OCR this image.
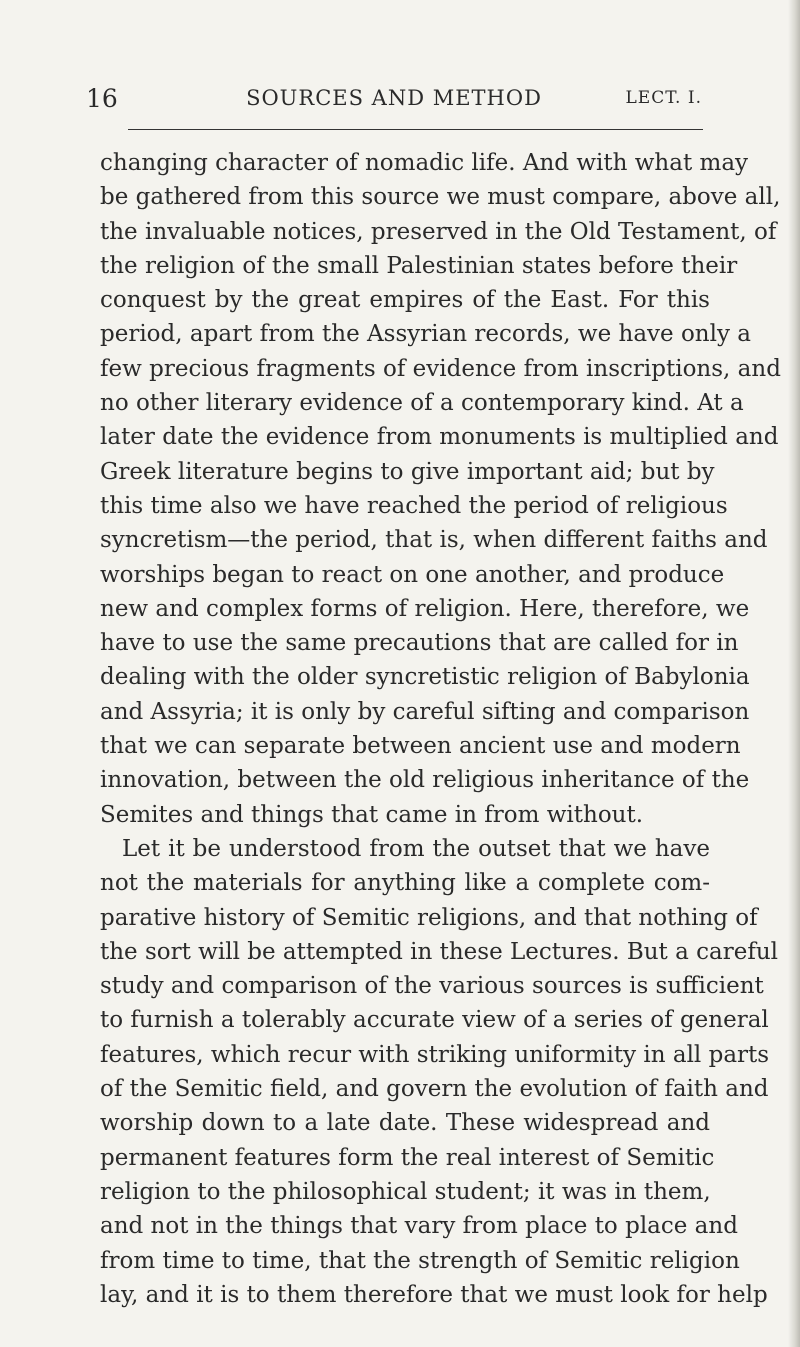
16	SOURCES AND METHOD	LECT. I.
changing character of nomadic life. And with what may
be gathered from this source we must compare, above all,
the invaluable notices, preserved in the Old Testament, of
the religion of the small Palestinian states before their
conquest by the great empires of the East. For this
period, apart from the Assyrian records, we have only a
few precious fragments of evidence from inscriptions, and
no other literary evidence of a contemporary kind. At a
later date the evidence from monuments is multiplied and
Greek literature begins to give important aid; but by
this time also we have reached the period of religious
syncretism—the period, that is, when different faiths and
worships began to react on one another, and produce
new and complex forms of religion. Here, therefore, we
have to use the same precautions that are called for in
dealing with the older syncretistic religion of Babylonia
and Assyria; it is only by careful sifting and comparison
that we can separate between ancient use and modern
innovation, between the old religious inheritance of the
Semites and things that came in from without.
Let it be understood from the outset that we have
not the materials for anything like a complete com-
parative history of Semitic religions, and that nothing of
the sort will be attempted in these Lectures. But a careful
study and comparison of the various sources is sufficient
to furnish a tolerably accurate view of a series of general
features, which recur with striking uniformity in all parts
of the Semitic field, and govern the evolution of faith and
worship down to a late date. These widespread and
permanent features form the real interest of Semitic
religion to the philosophical student; it was in them,
and not in the things that vary from place to place and
from time to time, that the strength of Semitic religion
lay, and it is to them therefore that we must look for help
